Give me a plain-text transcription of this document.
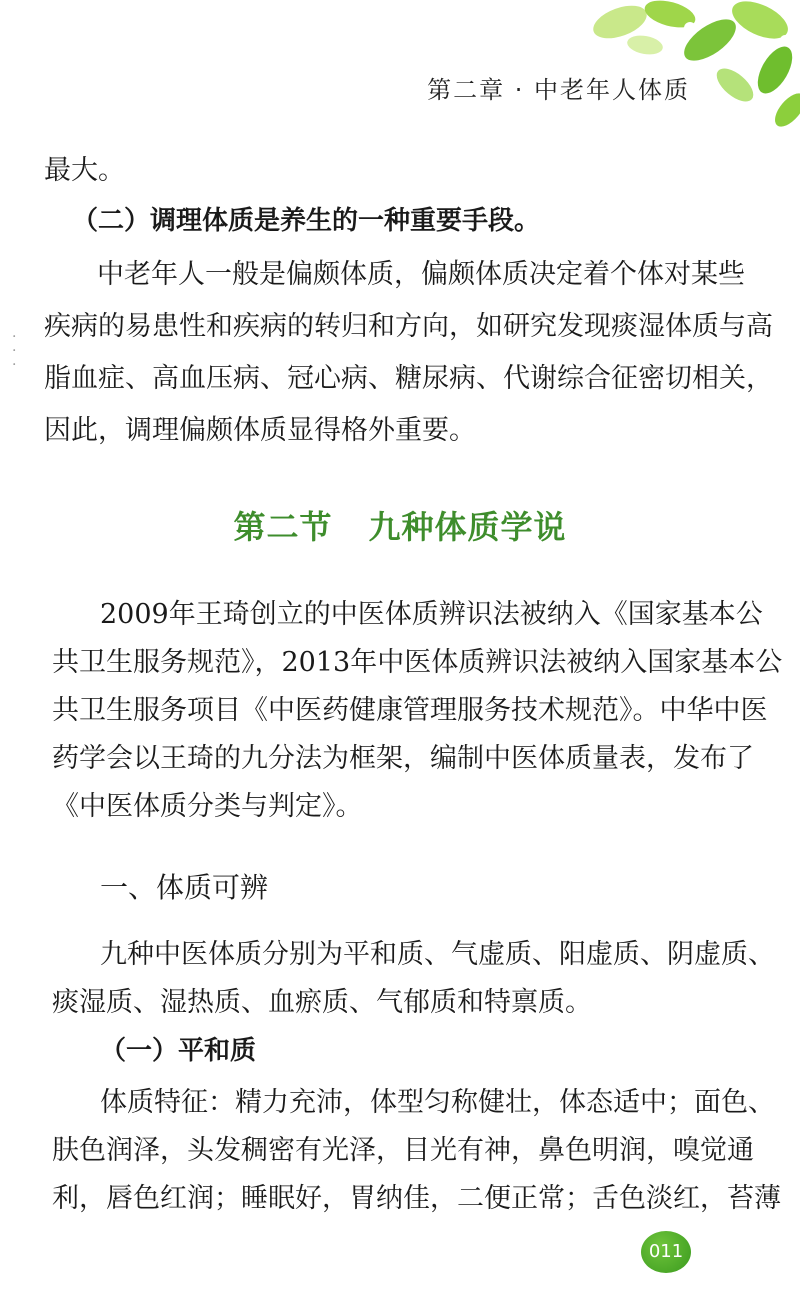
第二章 · 中老年人体质
·
·
·
最大。
（二）调理体质是养生的一种重要手段。
中老年人一般是偏颇体质，偏颇体质决定着个体对某些
疾病的易患性和疾病的转归和方向，如研究发现痰湿体质与高
脂血症、高血压病、冠心病、糖尿病、代谢综合征密切相关，
因此，调理偏颇体质显得格外重要。
第二节 九种体质学说
2009年王琦创立的中医体质辨识法被纳入《国家基本公
共卫生服务规范》，2013年中医体质辨识法被纳入国家基本公
共卫生服务项目《中医药健康管理服务技术规范》。中华中医
药学会以王琦的九分法为框架，编制中医体质量表，发布了
《中医体质分类与判定》。
一、体质可辨
九种中医体质分别为平和质、气虚质、阳虚质、阴虚质、
痰湿质、湿热质、血瘀质、气郁质和特禀质。
（一）平和质
体质特征：精力充沛，体型匀称健壮，体态适中；面色、
肤色润泽，头发稠密有光泽，目光有神，鼻色明润，嗅觉通
利，唇色红润；睡眠好，胃纳佳，二便正常；舌色淡红，苔薄
011
